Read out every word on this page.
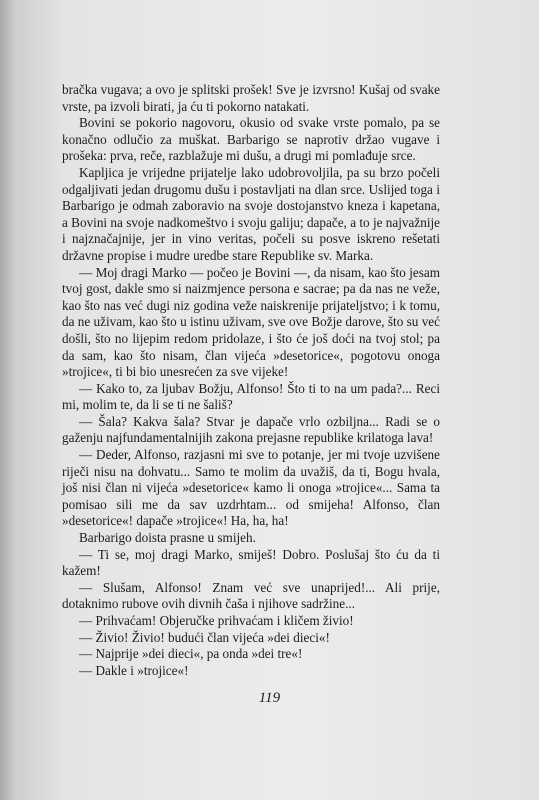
bračka vugava; a ovo je splitski prošek! Sve je izvrsno! Kušaj od svake vrste, pa izvoli birati, ja ću ti pokorno natakati.

Bovini se pokorio nagovoru, okusio od svake vrste pomalo, pa se konačno odlučio za muškat. Barbarigo se naprotiv držao vugave i prošeka: prva, reče, razblažuje mi dušu, a drugi mi pomlađuje srce.

Kapljica je vrijedne prijatelje lako udobrovoljila, pa su brzo počeli odgaljivati jedan drugomu dušu i postavljati na dlan srce. Uslijed toga i Barbarigo je odmah zaboravio na svoje dostojanstvo kneza i kapetana, a Bovini na svoje nadkomeštvo i svoju galiju; dapače, a to je najvažnije i najznačajnije, jer in vino veritas, počeli su posve iskreno rešetati državne propise i mudre uredbe stare Republike sv. Marka.

— Moj dragi Marko — počeo je Bovini —, da nisam, kao što jesam tvoj gost, dakle smo si naizmjence persona e sacrae; pa da nas ne veže, kao što nas već dugi niz godina veže naiskrenije prijateljstvo; i k tomu, da ne uživam, kao što u istinu uživam, sve ove Božje darove, što su već došli, što no lijepim redom pridolaze, i što će još doći na tvoj stol; pa da sam, kao što nisam, član vijeća »desetorice«, pogotovu onoga »trojice«, ti bi bio unesrećen za sve vijeke!

— Kako to, za ljubav Božju, Alfonso! Što ti to na um pada?... Reci mi, molim te, da li se ti ne šališ?

— Šala? Kakva šala? Stvar je dapače vrlo ozbiljna... Radi se o gaženju najfundamentalnijih zakona prejasne republike krilatoga lava!

— Deder, Alfonso, razjasni mi sve to potanje, jer mi tvoje uzvišene riječi nisu na dohvatu... Samo te molim da uvažiš, da ti, Bogu hvala, još nisi član ni vijeća »desetorice« kamo li onoga »trojice«... Sama ta pomisao sili me da sav uzdrhtam... od smijeha! Alfonso, član »desetorice«! dapače »trojice«! Ha, ha, ha!

Barbarigo doista prasne u smijeh.

— Ti se, moj dragi Marko, smiješ! Dobro. Poslušaj što ću da ti kažem!

— Slušam, Alfonso! Znam već sve unaprijed!... Ali prije, dotaknimo rubove ovih divnih čaša i njihove sadržine...

— Prihvaćam! Objeručke prihvaćam i kličem živio!

— Živio! Živio! budući član vijeća »dei dieci«!

— Najprije »dei dieci«, pa onda »dei tre«!

— Dakle i »trojice«!

119
